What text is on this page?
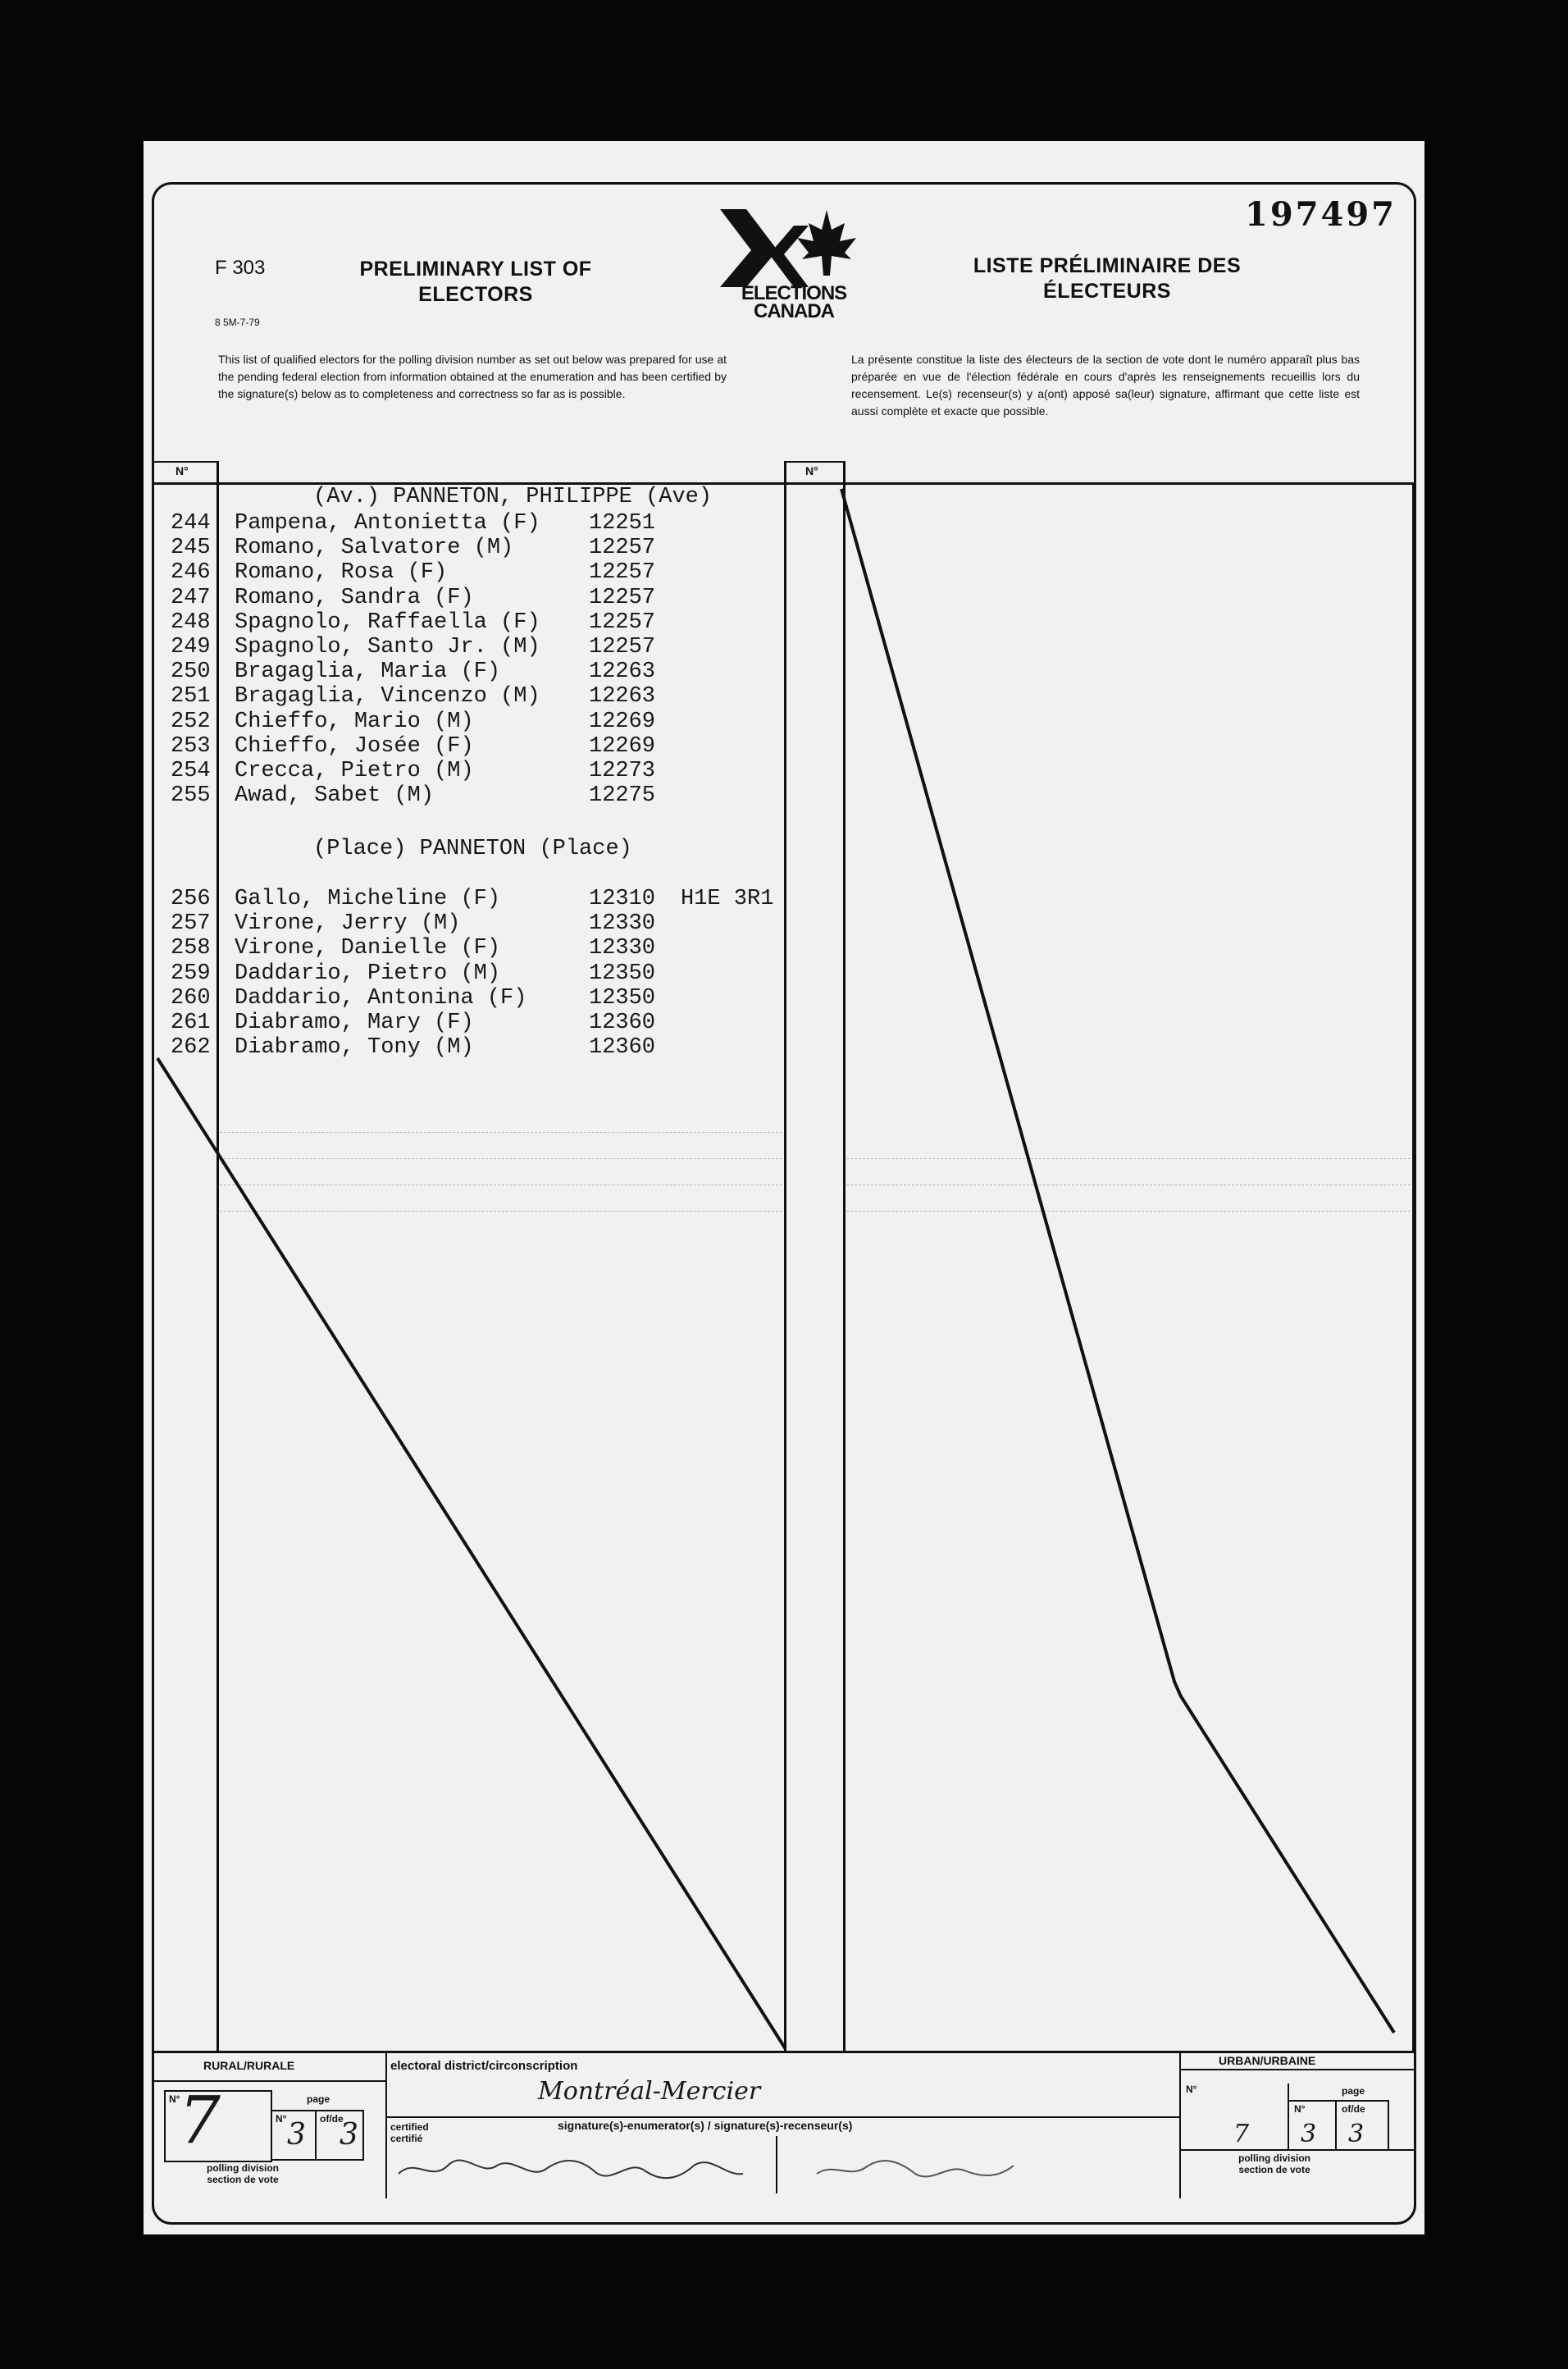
197497
F 303
8 5M-7-79
PRELIMINARY LIST OF ELECTORS
LISTE PRÉLIMINAIRE DES ÉLECTEURS
ELECTIONS
CANADA
This list of qualified electors for the polling division number as set out below was prepared for use at the pending federal election from information obtained at the enumeration and has been certified by the signature(s) below as to completeness and correctness so far as is possible.
La présente constitue la liste des électeurs de la section de vote dont le numéro apparaît plus bas préparée en vue de l'élection fédérale en cours d'après les renseignements recueillis lors du recensement. Le(s) recenseur(s) y a(ont) apposé sa(leur) signature, affirmant que cette liste est aussi complète et exacte que possible.
N°	N°
(Av.) PANNETON, PHILIPPE (Ave)
(Place) PANNETON (Place)
244 Pampena, Antonietta (F) 12251
245 Romano, Salvatore (M)	12257
246 Romano, Rosa (F)	12257
247 Romano, Sandra (F)	12257
248 Spagnolo, Raffaella (F) 12257
249 Spagnolo, Santo Jr. (M) 12257
250 Bragaglia, Maria (F)	12263
251 Bragaglia, Vincenzo (M) 12263
252 Chieffo, Mario (M)	12269
253 Chieffo, Josée (F)	12269
254 Crecca, Pietro (M)	12273
255 Awad, Sabet (M)	12275
256 Gallo, Micheline (F)	12310 H1E 3R1
257 Virone, Jerry (M)	12330
258 Virone, Danielle (F)	12330
259 Daddario, Pietro (M)	12350
260 Daddario, Antonina (F)	12350
261 Diabramo, Mary (F)	12360
262 Diabramo, Tony (M)	12360
RURAL/RURALE	URBAN/URBAINE
N°
7	page
N° 3 of/de
3
polling division
section de vote
electoral district/circonscription
Montréal-Mercier
signature(s)-enumerator(s) / signature(s)-recenseur(s)
certified
certifié
N°	page
7
N°
3
of/de
3
polling division
section de vote
